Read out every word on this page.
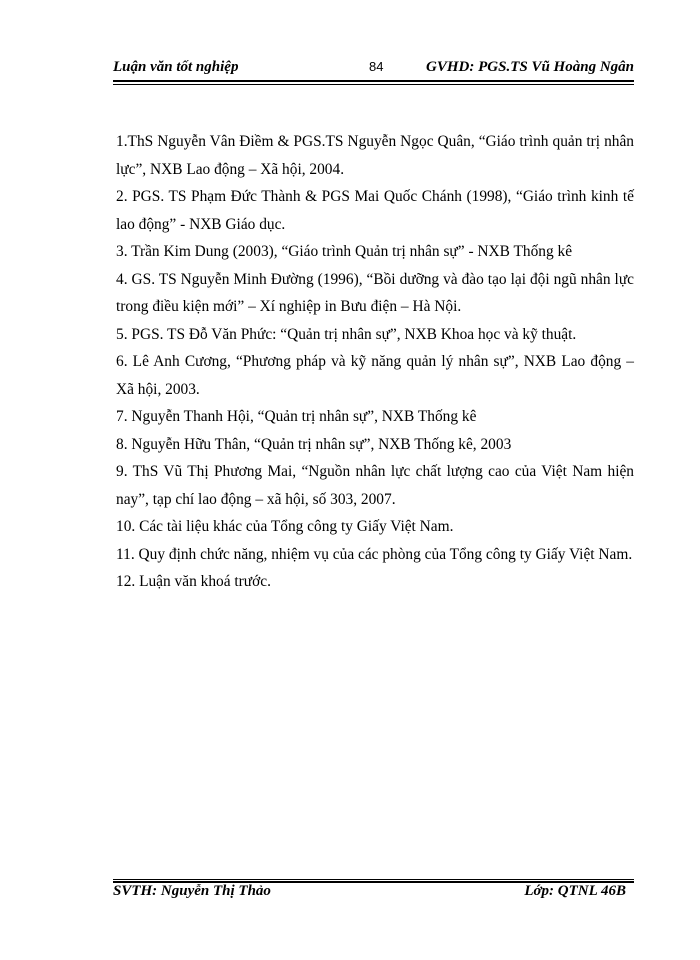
Luận văn tốt nghiệp	84	GVHD: PGS.TS Vũ Hoàng Ngân
1.ThS Nguyễn Vân Điềm & PGS.TS Nguyễn Ngọc Quân, “Giáo trình quản trị nhân lực”, NXB Lao động – Xã hội, 2004.
2. PGS. TS Phạm Đức Thành & PGS Mai Quốc Chánh (1998), “Giáo trình kinh tế lao động” - NXB Giáo dục.
3. Trần Kim Dung (2003), “Giáo trình Quản trị nhân sự” - NXB Thống kê
4. GS. TS Nguyễn Minh Đường (1996), “Bồi dưỡng và đào tạo lại đội ngũ nhân lực trong điều kiện mới” – Xí nghiệp in Bưu điện – Hà Nội.
5. PGS. TS Đỗ Văn Phức: “Quản trị nhân sự”, NXB Khoa học và kỹ thuật.
6. Lê Anh Cương, “Phương pháp và kỹ năng quản lý nhân sự”, NXB Lao động – Xã hội, 2003.
7. Nguyễn Thanh Hội, “Quản trị nhân sự”, NXB Thống kê
8. Nguyễn Hữu Thân, “Quản trị nhân sự”, NXB Thống kê, 2003
9. ThS Vũ Thị Phương Mai, “Nguồn nhân lực chất lượng cao của Việt Nam hiện nay”, tạp chí lao động – xã hội, số 303, 2007.
10. Các tài liệu khác của Tổng công ty Giấy Việt Nam.
11. Quy định chức năng, nhiệm vụ của các phòng của Tổng công ty Giấy Việt Nam.
12. Luận văn khoá trước.
SVTH: Nguyễn Thị Thảo	Lớp: QTNL 46B
